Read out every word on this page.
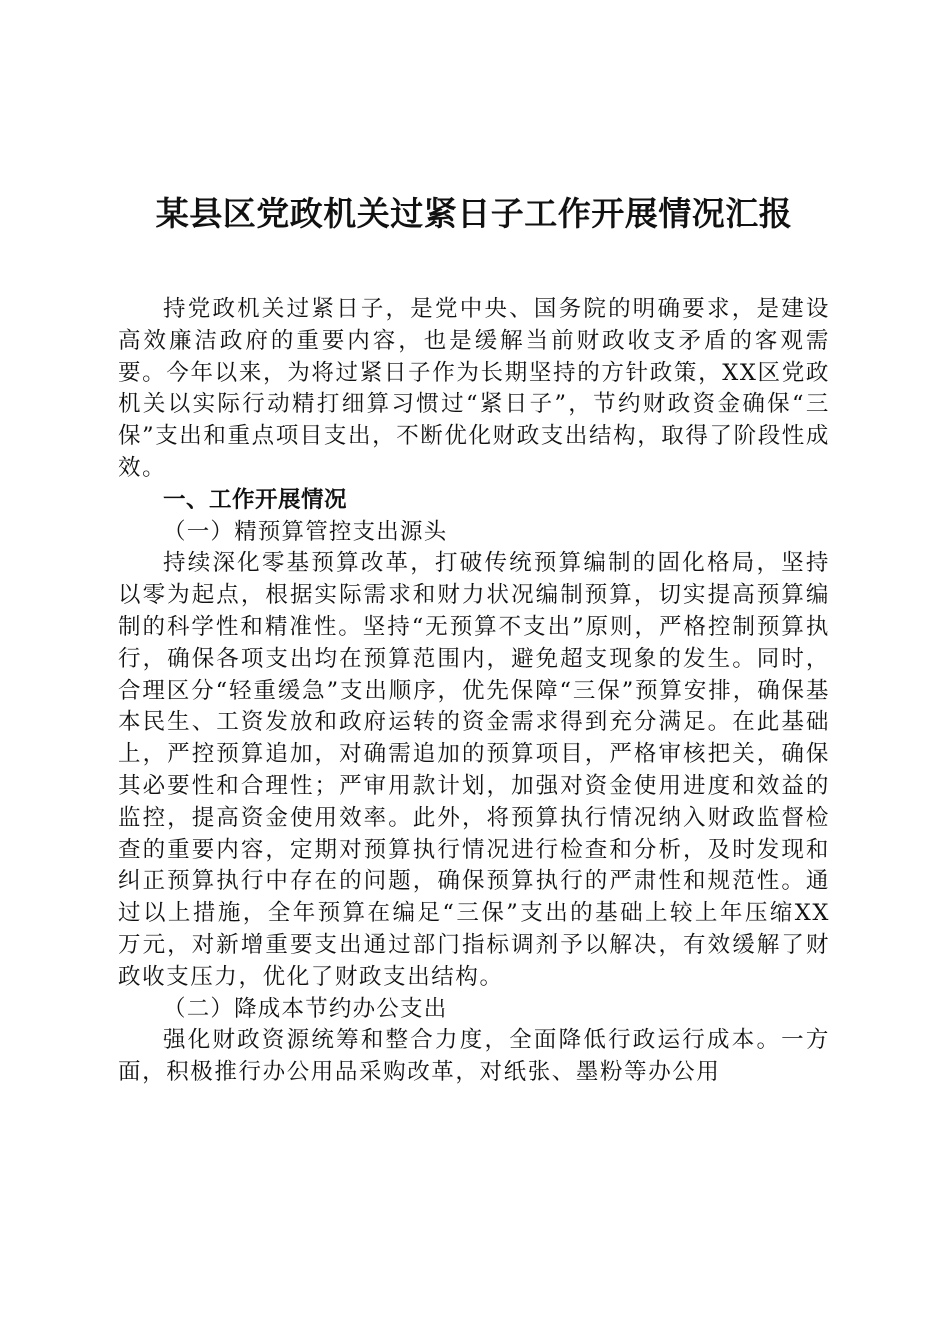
某县区党政机关过紧日子工作开展情况汇报

持党政机关过紧日子，是党中央、国务院的明确要求，是建设高效廉洁政府的重要内容，也是缓解当前财政收支矛盾的客观需要。今年以来，为将过紧日子作为长期坚持的方针政策，XX区党政机关以实际行动精打细算习惯过“紧日子”，节约财政资金确保“三保”支出和重点项目支出，不断优化财政支出结构，取得了阶段性成效。

一、工作开展情况

（一）精预算管控支出源头

持续深化零基预算改革，打破传统预算编制的固化格局，坚持以零为起点，根据实际需求和财力状况编制预算，切实提高预算编制的科学性和精准性。坚持“无预算不支出”原则，严格控制预算执行，确保各项支出均在预算范围内，避免超支现象的发生。同时，合理区分“轻重缓急”支出顺序，优先保障“三保”预算安排，确保基本民生、工资发放和政府运转的资金需求得到充分满足。在此基础上，严控预算追加，对确需追加的预算项目，严格审核把关，确保其必要性和合理性；严审用款计划，加强对资金使用进度和效益的监控，提高资金使用效率。此外，将预算执行情况纳入财政监督检查的重要内容，定期对预算执行情况进行检查和分析，及时发现和纠正预算执行中存在的问题，确保预算执行的严肃性和规范性。通过以上措施，全年预算在编足“三保”支出的基础上较上年压缩XX万元，对新增重要支出通过部门指标调剂予以解决，有效缓解了财政收支压力，优化了财政支出结构。

（二）降成本节约办公支出

强化财政资源统筹和整合力度，全面降低行政运行成本。一方面，积极推行办公用品采购改革，对纸张、墨粉等办公用
